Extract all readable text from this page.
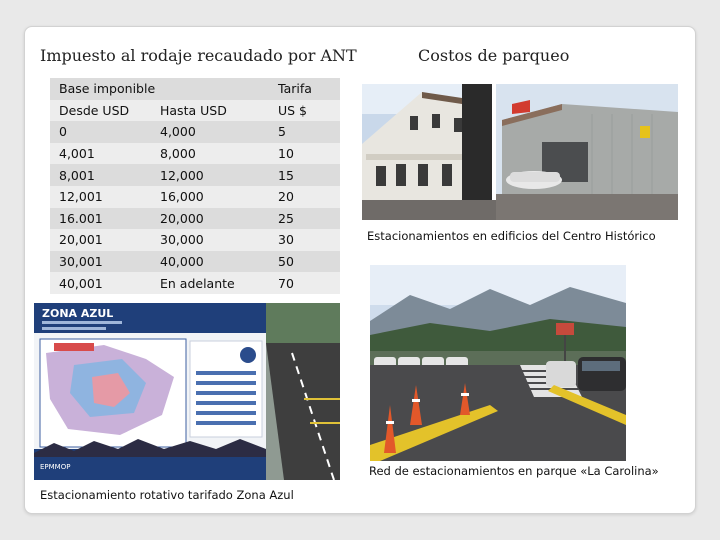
Impuesto al rodaje recaudado por ANT	Costos de parqueo
Base imponible		Tarifa
Desde USD	Hasta USD	US $
0	4,000	5
4,001	8,000	10
8,001	12,000	15
12,001	16,000	20
16.001	20,000	25
20,001	30,000	30
30,001	40,000	50
40,001	En adelante	70
Estacionamientos en edificios del Centro Histórico
ZONA AZUL
EPMMOP
Estacionamiento rotativo tarifado Zona Azul
Red de estacionamientos en parque «La Carolina»
